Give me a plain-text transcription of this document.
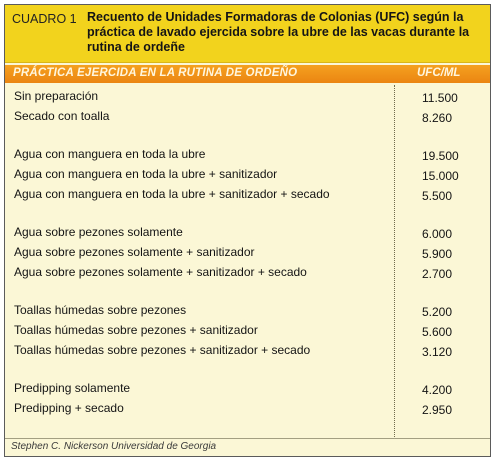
CUADRO 1 Recuento de Unidades Formadoras de Colonias (UFC) según la práctica de lavado ejercida sobre la ubre de las vacas durante la rutina de ordeñe
PRÁCTICA EJERCIDA EN LA RUTINA DE ORDEÑO	UFC/ML
Sin preparación	11.500
Secado con toalla	8.260
Agua con manguera en toda la ubre	19.500
Agua con manguera en toda la ubre + sanitizador	15.000
Agua con manguera en toda la ubre + sanitizador + secado	5.500
Agua sobre pezones solamente	6.000
Agua sobre pezones solamente + sanitizador	5.900
Agua sobre pezones solamente + sanitizador + secado	2.700
Toallas húmedas sobre pezones	5.200
Toallas húmedas sobre pezones + sanitizador	5.600
Toallas húmedas sobre pezones + sanitizador + secado	3.120
Predipping solamente	4.200
Predipping + secado	2.950
Stephen C. Nickerson Universidad de Georgia
